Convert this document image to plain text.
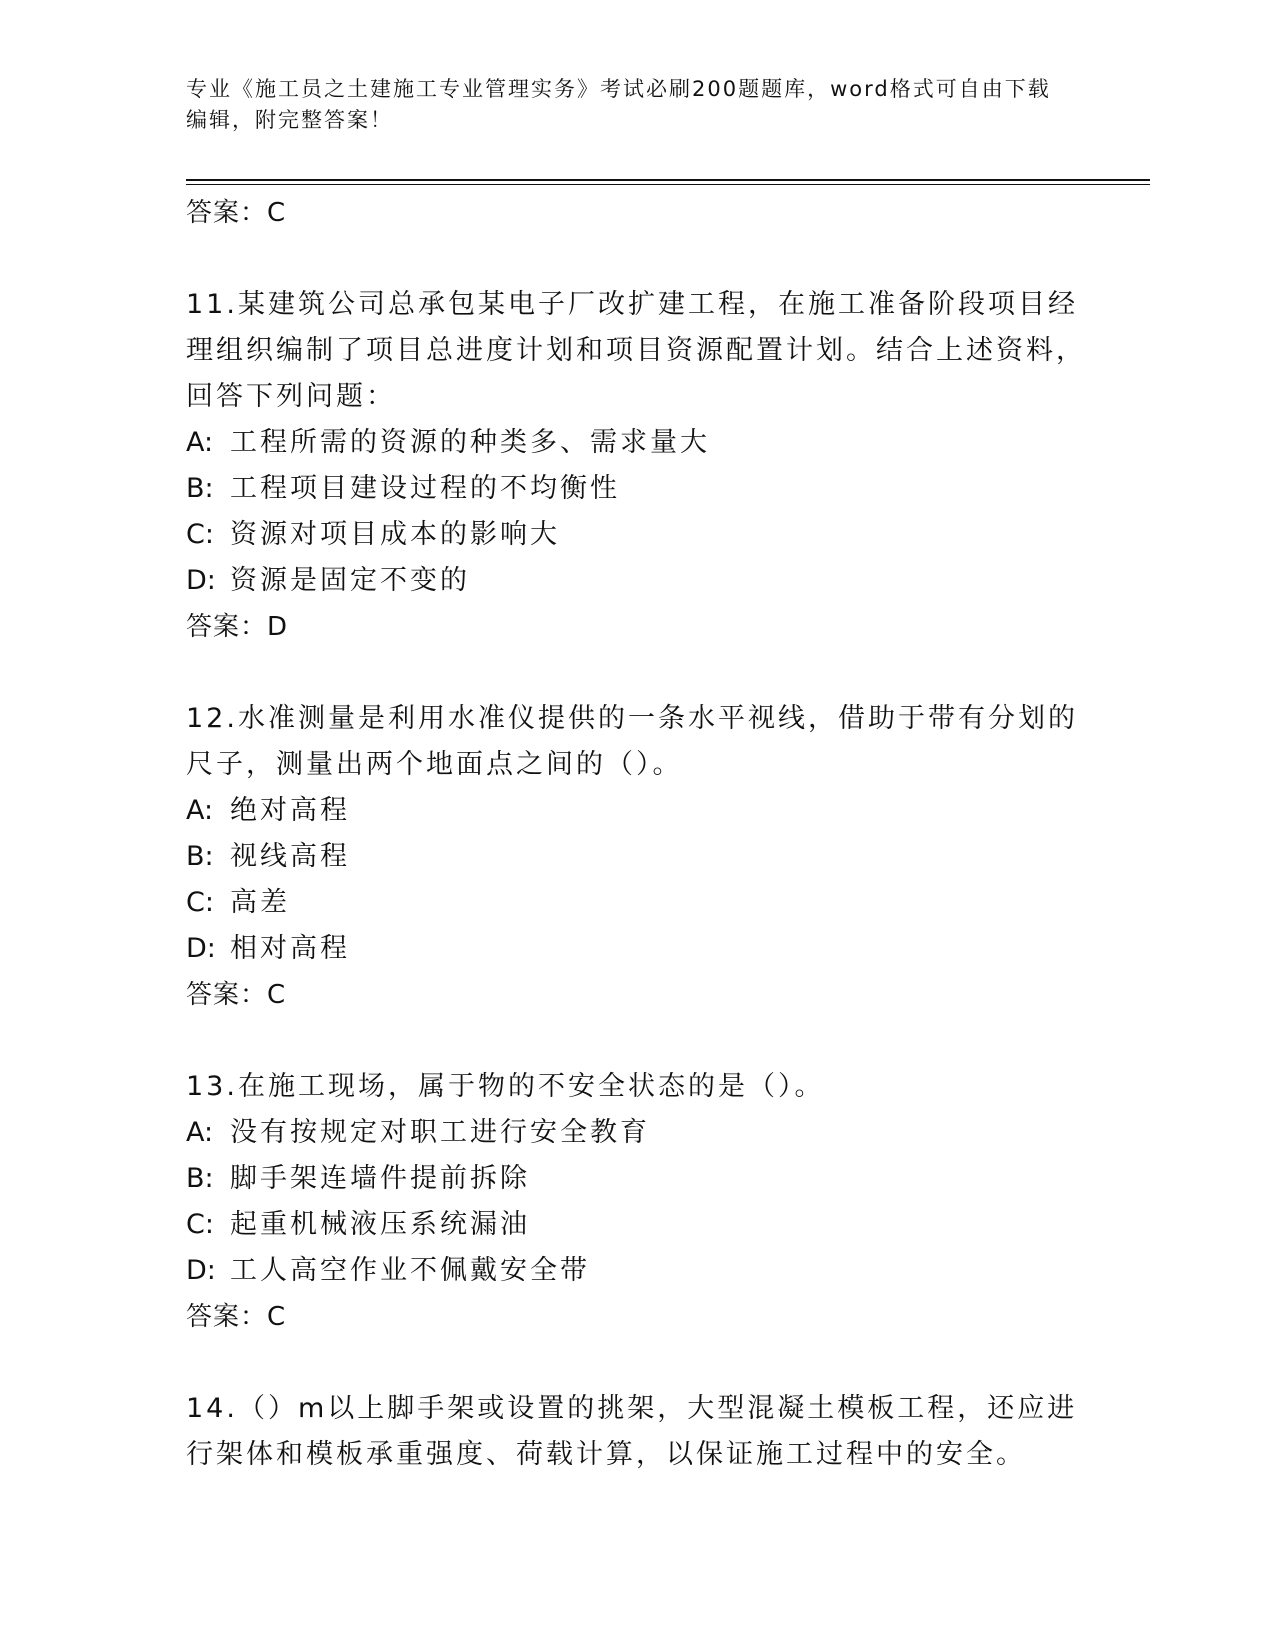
专业《施工员之土建施工专业管理实务》考试必刷200题题库，word格式可自由下载编辑，附完整答案！
答案：C
11.某建筑公司总承包某电子厂改扩建工程，在施工准备阶段项目经理组织编制了项目总进度计划和项目资源配置计划。结合上述资料，回答下列问题：
A: 工程所需的资源的种类多、需求量大
B: 工程项目建设过程的不均衡性
C: 资源对项目成本的影响大
D: 资源是固定不变的
答案：D
12.水准测量是利用水准仪提供的一条水平视线，借助于带有分划的尺子，测量出两个地面点之间的（）。
A: 绝对高程
B: 视线高程
C: 高差
D: 相对高程
答案：C
13.在施工现场，属于物的不安全状态的是（）。
A: 没有按规定对职工进行安全教育
B: 脚手架连墙件提前拆除
C: 起重机械液压系统漏油
D: 工人高空作业不佩戴安全带
答案：C
14.（）m以上脚手架或设置的挑架，大型混凝土模板工程，还应进行架体和模板承重强度、荷载计算，以保证施工过程中的安全。
